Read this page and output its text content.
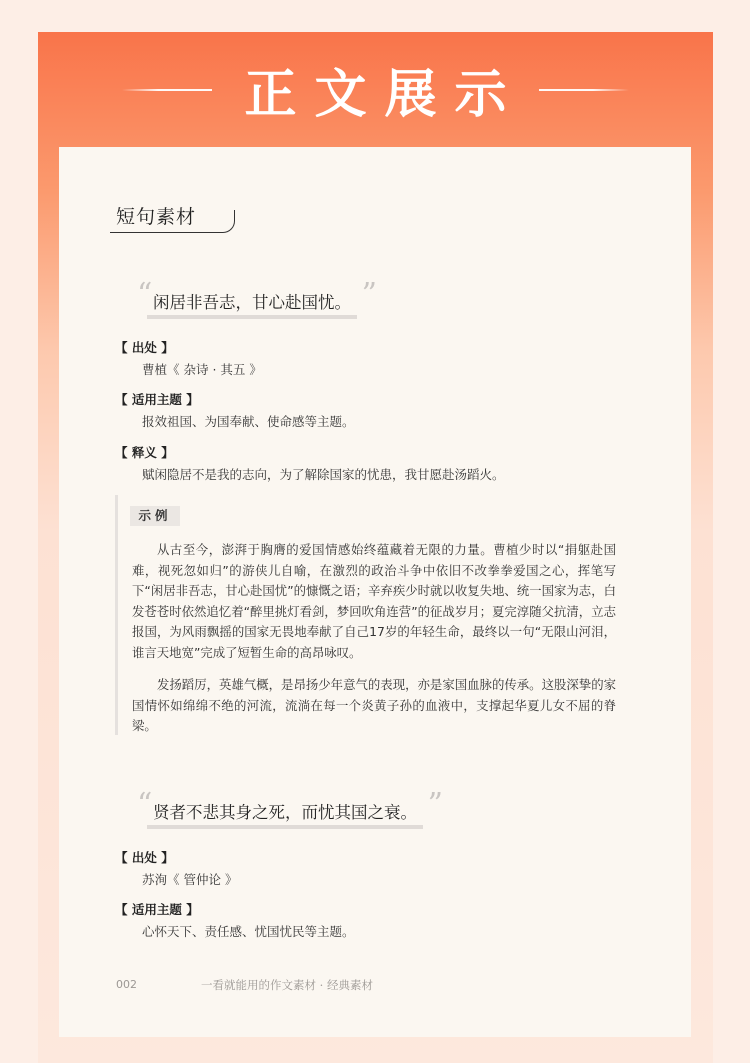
正文展示
短句素材
“ 闲居非吾志，甘心赴国忧。 ”
【 出处 】
曹植《 杂诗 · 其五 》
【 适用主题 】
报效祖国、为国奉献、使命感等主题。
【 释义 】
赋闲隐居不是我的志向，为了解除国家的忧患，我甘愿赴汤蹈火。
示例

从古至今，澎湃于胸膺的爱国情感始终蕴藏着无限的力量。曹植少时以“捐躯赴国难，视死忽如归”的游侠儿自喻，在激烈的政治斗争中依旧不改拳拳爱国之心，挥笔写下“闲居非吾志，甘心赴国忧”的慷慨之语；辛弃疾少时就以收复失地、统一国家为志，白发苍苍时依然追忆着“醉里挑灯看剑，梦回吹角连营”的征战岁月；夏完淳随父抗清，立志报国，为风雨飘摇的国家无畏地奉献了自己17岁的年轻生命，最终以一句“无限山河泪，谁言天地宽”完成了短暂生命的高昂咏叹。

发扬蹈厉，英雄气概，是昂扬少年意气的表现，亦是家国血脉的传承。这股深挚的家国情怀如绵绵不绝的河流，流淌在每一个炎黄子孙的血液中，支撑起华夏儿女不屈的脊梁。

“ 贤者不悲其身之死，而忧其国之衰。 ”
【 出处 】
苏洵《 管仲论 》
【 适用主题 】
心怀天下、责任感、忧国忧民等主题。
002	一看就能用的作文素材 · 经典素材
